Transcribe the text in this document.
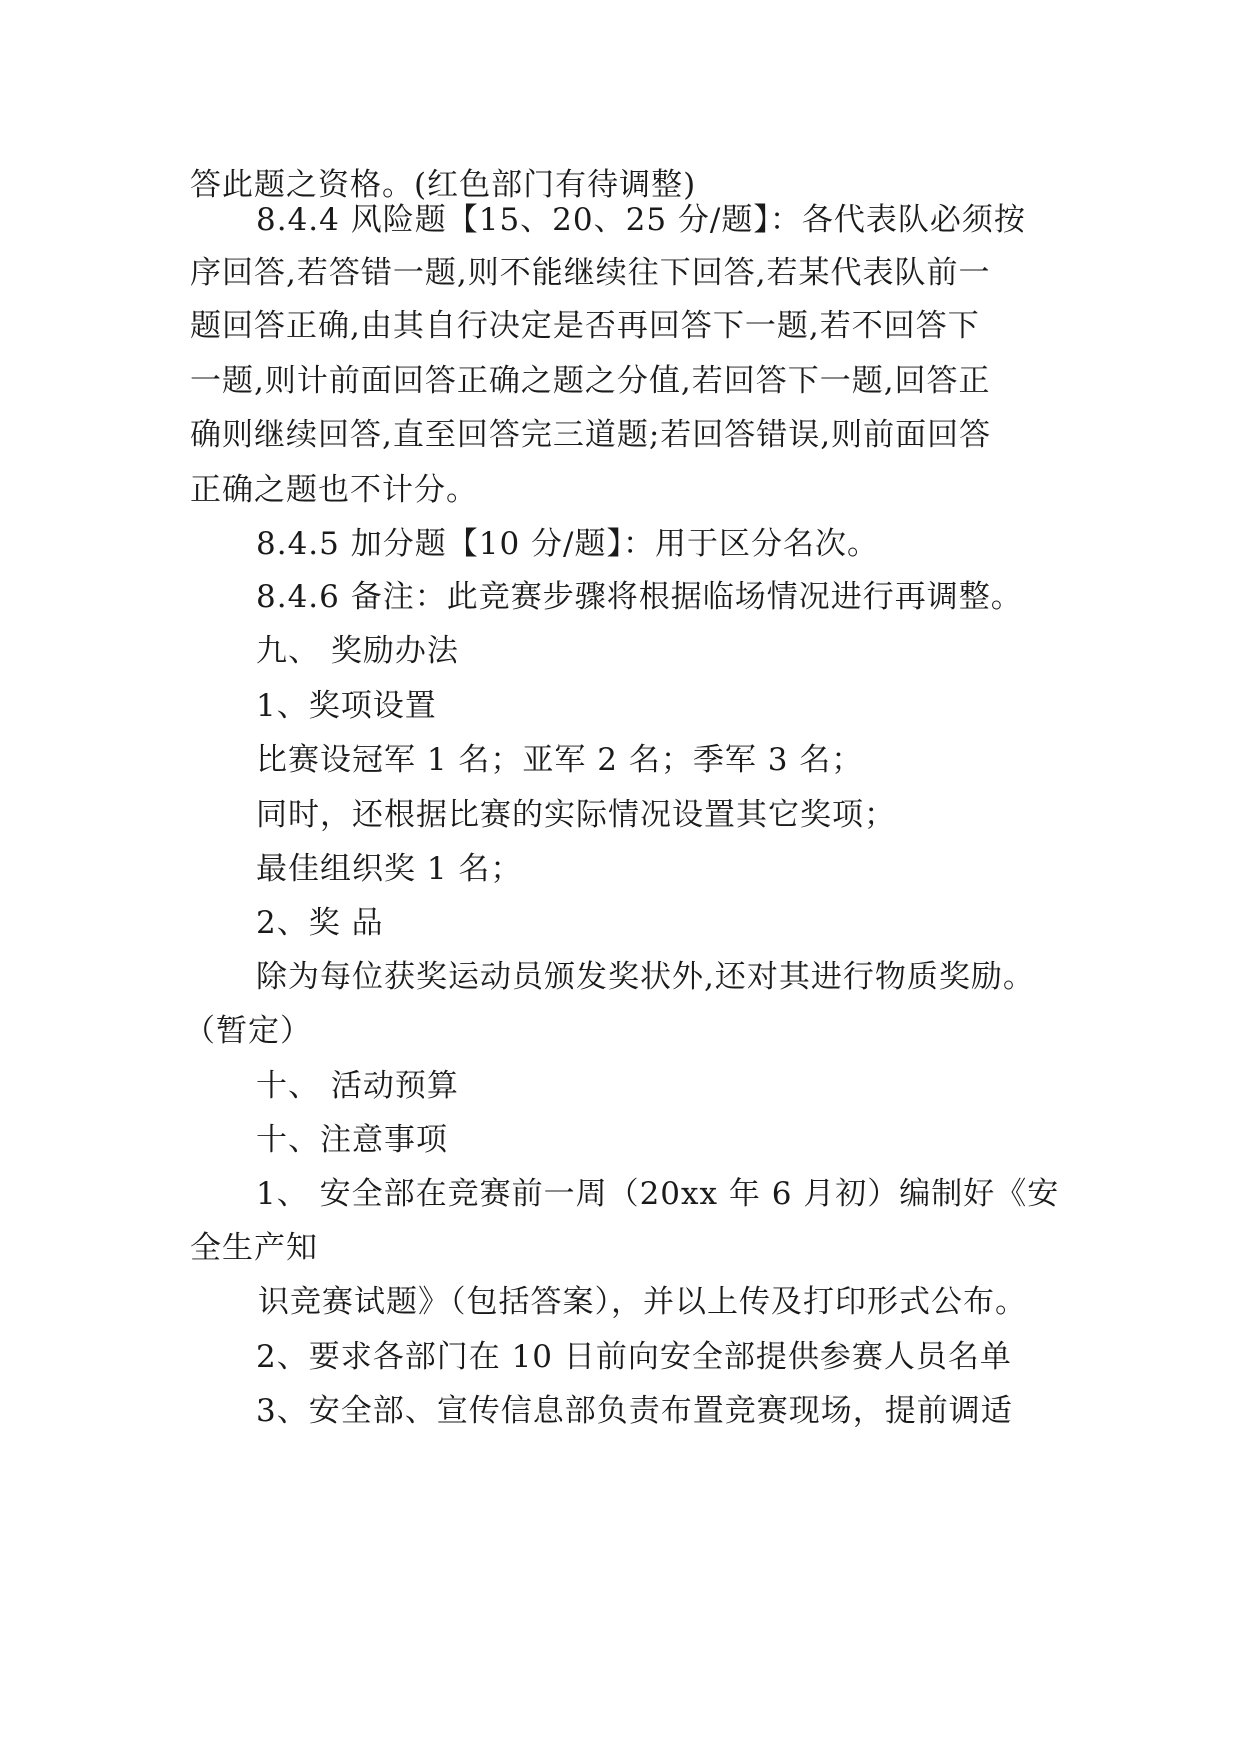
答此题之资格。(红色部门有待调整)
8.4.4 风险题【15、20、25 分/题】：各代表队必须按
序回答,若答错一题,则不能继续往下回答,若某代表队前一
题回答正确,由其自行决定是否再回答下一题,若不回答下
一题,则计前面回答正确之题之分值,若回答下一题,回答正
确则继续回答,直至回答完三道题;若回答错误,则前面回答
正确之题也不计分。
8.4.5 加分题【10 分/题】：用于区分名次。
8.4.6 备注：此竞赛步骤将根据临场情况进行再调整。
九、 奖励办法
1、奖项设置
比赛设冠军 1 名；亚军 2 名；季军 3 名；
同时，还根据比赛的实际情况设置其它奖项；
最佳组织奖 1 名；
2、奖 品
除为每位获奖运动员颁发奖状外,还对其进行物质奖励。
（暂定）
十、 活动预算
十、注意事项
1、 安全部在竞赛前一周（20xx 年 6 月初）编制好《安
全生产知
识竞赛试题》（包括答案），并以上传及打印形式公布。
2、要求各部门在 10 日前向安全部提供参赛人员名单
3、安全部、宣传信息部负责布置竞赛现场，提前调适
